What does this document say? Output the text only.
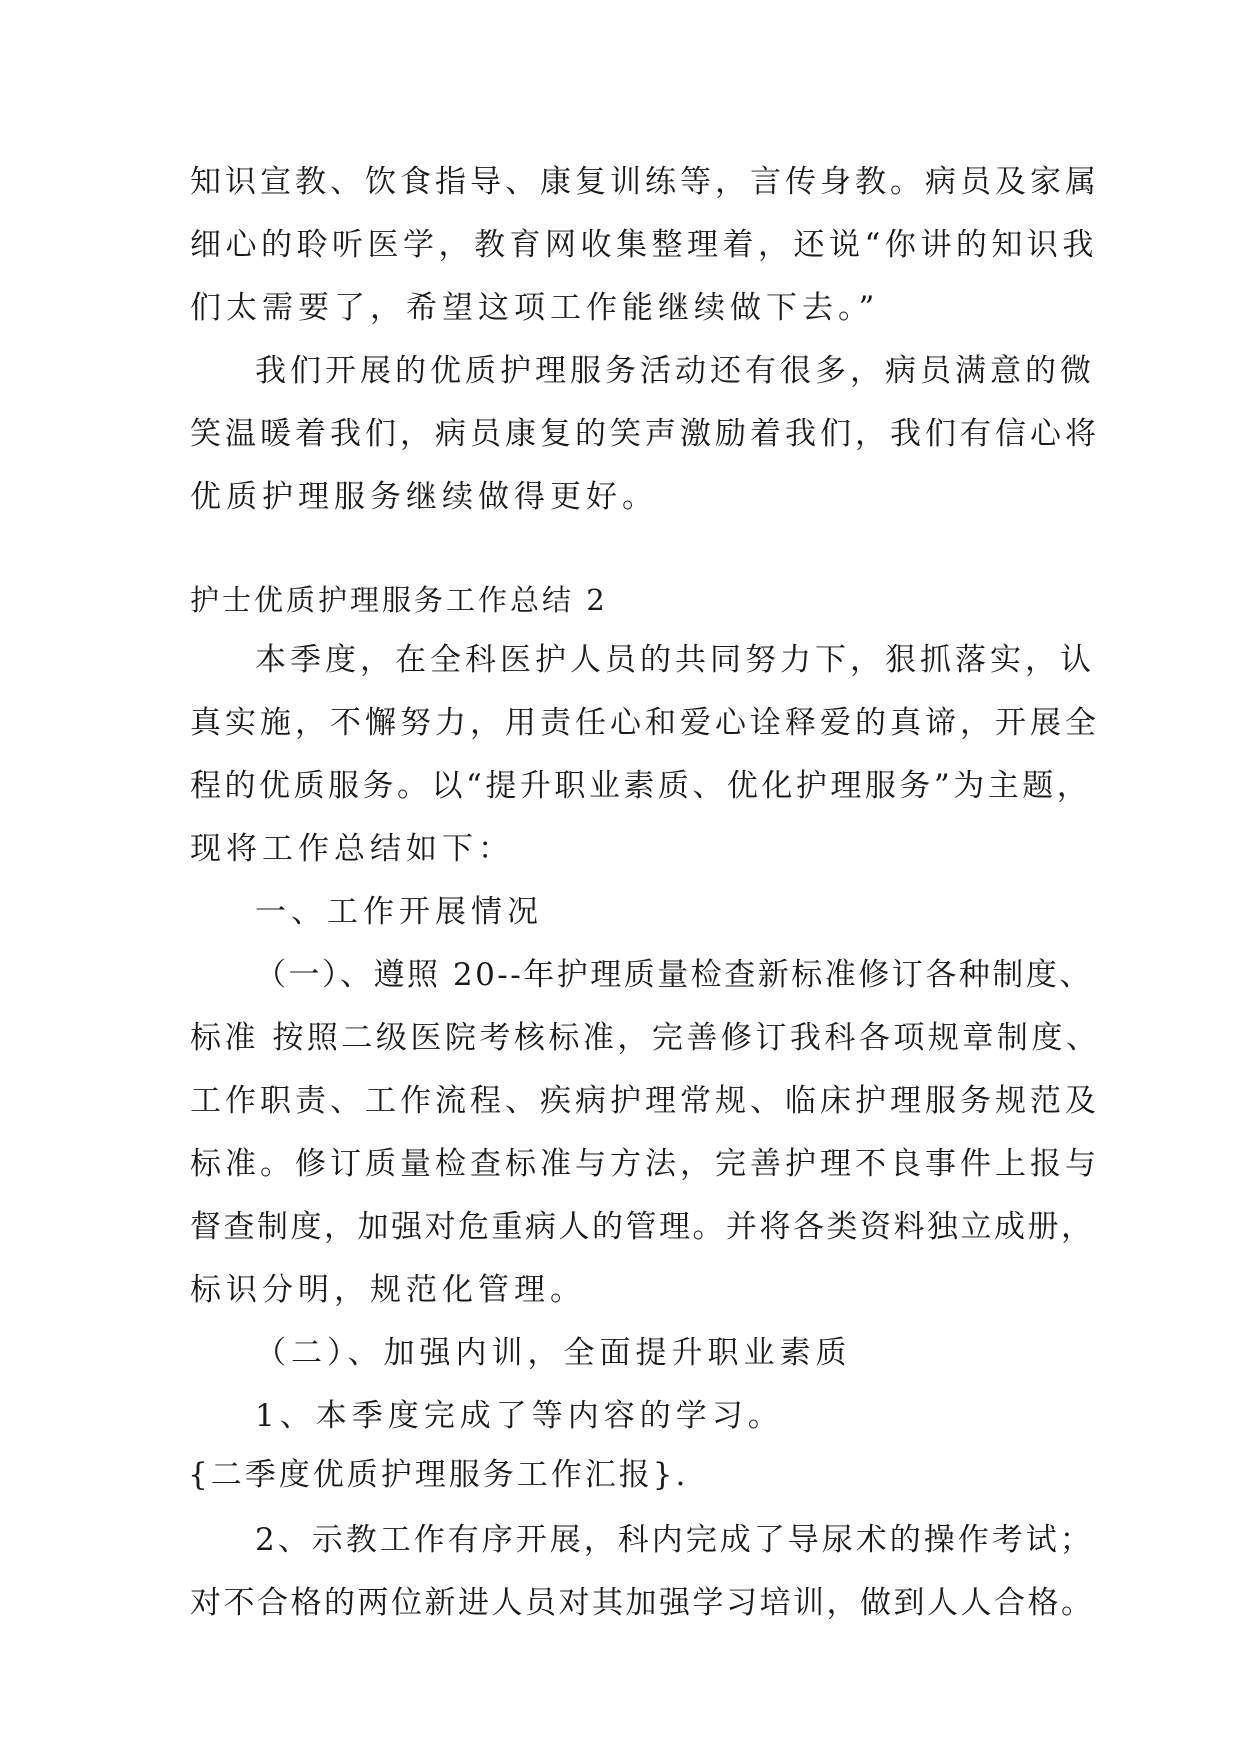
知识宣教、饮食指导、康复训练等，言传身教。病员及家属
细心的聆听医学，教育网收集整理着，还说“你讲的知识我
们太需要了，希望这项工作能继续做下去。”
我们开展的优质护理服务活动还有很多，病员满意的微
笑温暖着我们，病员康复的笑声激励着我们，我们有信心将
优质护理服务继续做得更好。
护士优质护理服务工作总结 2
本季度，在全科医护人员的共同努力下，狠抓落实，认
真实施，不懈努力，用责任心和爱心诠释爱的真谛，开展全
程的优质服务。以“提升职业素质、优化护理服务”为主题，
现将工作总结如下：
一、工作开展情况
（一）、遵照 20--年护理质量检查新标准修订各种制度、
标准 按照二级医院考核标准，完善修订我科各项规章制度、
工作职责、工作流程、疾病护理常规、临床护理服务规范及
标准。修订质量检查标准与方法，完善护理不良事件上报与
督查制度，加强对危重病人的管理。并将各类资料独立成册，
标识分明，规范化管理。
（二）、加强内训，全面提升职业素质
1、本季度完成了等内容的学习。
{二季度优质护理服务工作汇报}.
2、示教工作有序开展，科内完成了导尿术的操作考试；
对不合格的两位新进人员对其加强学习培训，做到人人合格。
